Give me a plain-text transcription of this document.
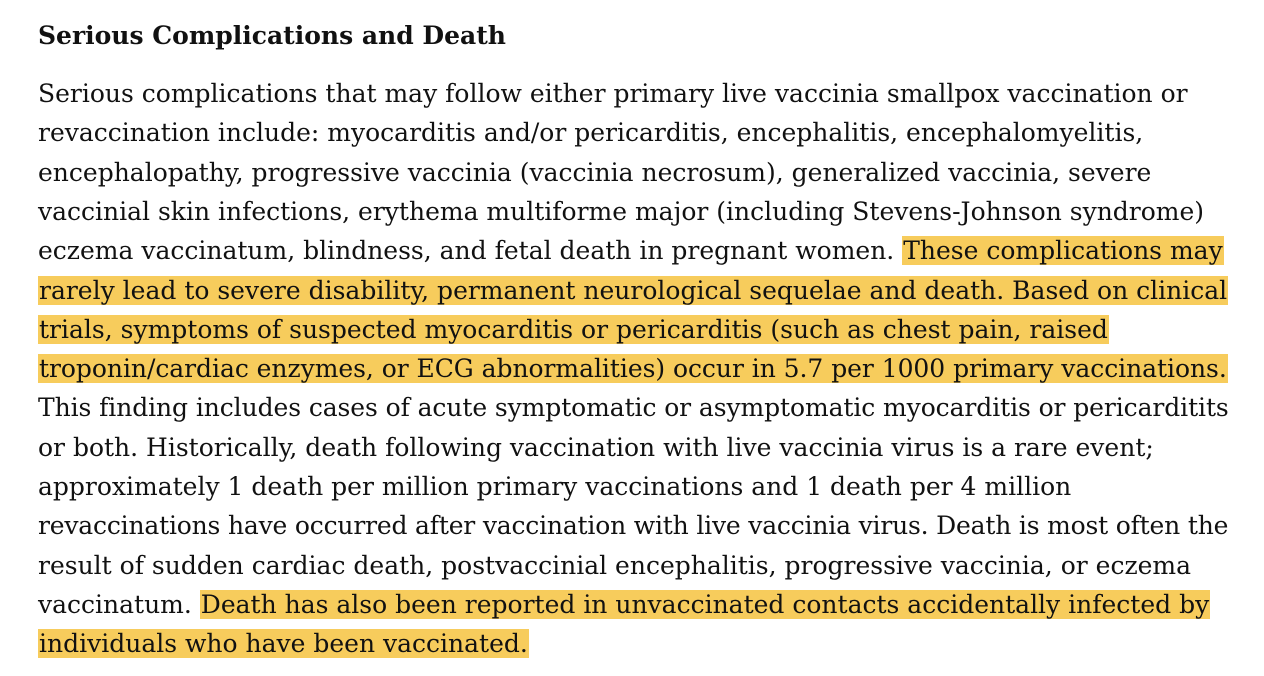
Serious Complications and Death
Serious complications that may follow either primary live vaccinia smallpox vaccination or
revaccination include: myocarditis and/or pericarditis, encephalitis, encephalomyelitis,
encephalopathy, progressive vaccinia (vaccinia necrosum), generalized vaccinia, severe
vaccinial skin infections, erythema multiforme major (including Stevens-Johnson syndrome)
eczema vaccinatum, blindness, and fetal death in pregnant women. These complications may
rarely lead to severe disability, permanent neurological sequelae and death. Based on clinical
trials, symptoms of suspected myocarditis or pericarditis (such as chest pain, raised
troponin/cardiac enzymes, or ECG abnormalities) occur in 5.7 per 1000 primary vaccinations.
This finding includes cases of acute symptomatic or asymptomatic myocarditis or pericarditits
or both. Historically, death following vaccination with live vaccinia virus is a rare event;
approximately 1 death per million primary vaccinations and 1 death per 4 million
revaccinations have occurred after vaccination with live vaccinia virus. Death is most often the
result of sudden cardiac death, postvaccinial encephalitis, progressive vaccinia, or eczema
vaccinatum. Death has also been reported in unvaccinated contacts accidentally infected by
individuals who have been vaccinated.
